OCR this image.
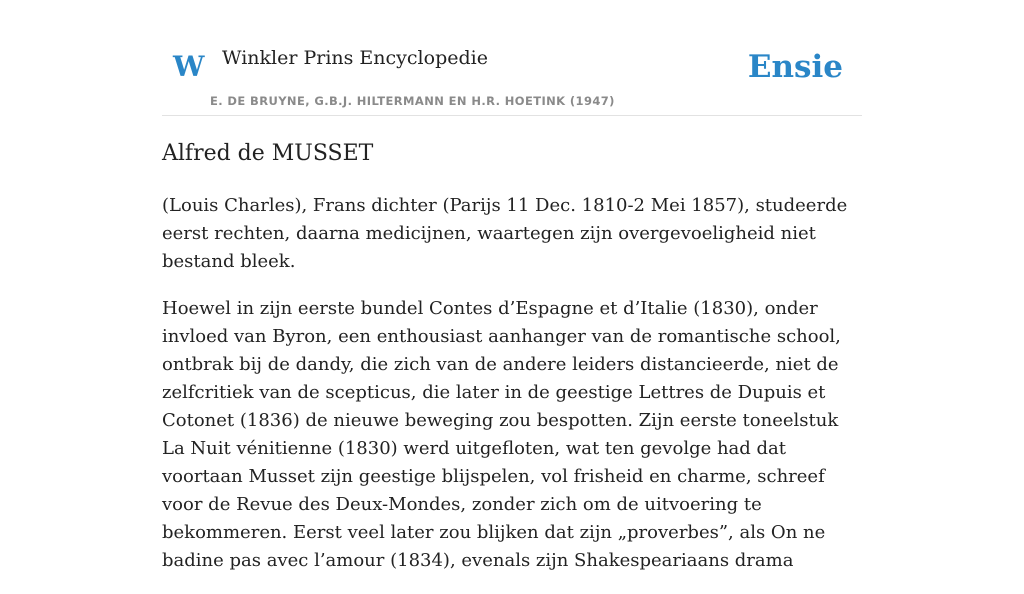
W Winkler Prins Encyclopedie
E. DE BRUYNE, G.B.J. HILTERMANN EN H.R. HOETINK (1947)
Ensie
Alfred de MUSSET

(Louis Charles), Frans dichter (Parijs 11 Dec. 1810-2 Mei 1857), studeerde eerst rechten, daarna medicijnen, waartegen zijn overgevoeligheid niet bestand bleek.

Hoewel in zijn eerste bundel Contes d’Espagne et d’Italie (1830), onder invloed van Byron, een enthousiast aanhanger van de romantische school, ontbrak bij de dandy, die zich van de andere leiders distancieerde, niet de zelfcritiek van de scepticus, die later in de geestige Lettres de Dupuis et Cotonet (1836) de nieuwe beweging zou bespotten. Zijn eerste toneelstuk La Nuit vénitienne (1830) werd uitgefloten, wat ten gevolge had dat voortaan Musset zijn geestige blijspelen, vol frisheid en charme, schreef voor de Revue des Deux-Mondes, zonder zich om de uitvoering te bekommeren. Eerst veel later zou blijken dat zijn „proverbes”, als On ne badine pas avec l’amour (1834), evenals zijn Shakespeariaans drama
